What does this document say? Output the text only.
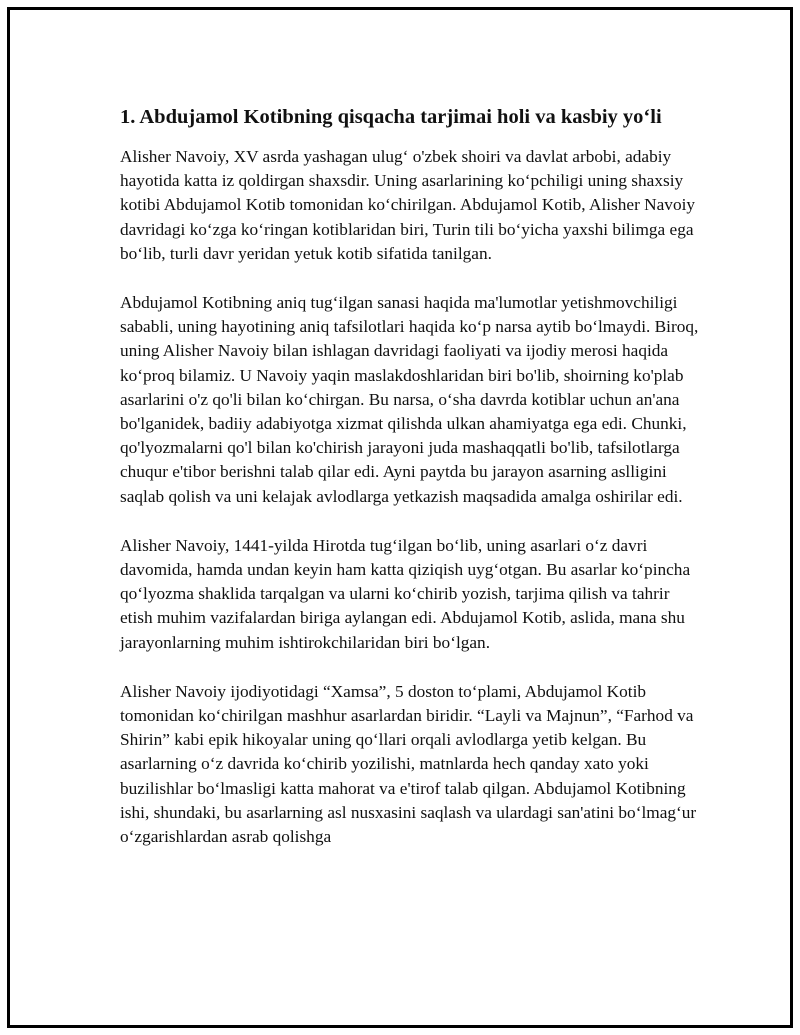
1. Abdujamol Kotibning qisqacha tarjimai holi va kasbiy yo‘li

Alisher Navoiy, XV asrda yashagan ulug‘ o'zbek shoiri va davlat arbobi, adabiy hayotida katta iz qoldirgan shaxsdir. Uning asarlarining ko‘pchiligi uning shaxsiy kotibi Abdujamol Kotib tomonidan ko‘chirilgan. Abdujamol Kotib, Alisher Navoiy davridagi ko‘zga ko‘ringan kotiblaridan biri, Turin tili bo‘yicha yaxshi bilimga ega bo‘lib, turli davr yeridan yetuk kotib sifatida tanilgan.

Abdujamol Kotibning aniq tug‘ilgan sanasi haqida ma'lumotlar yetishmovchiligi sababli, uning hayotining aniq tafsilotlari haqida ko‘p narsa aytib bo‘lmaydi. Biroq, uning Alisher Navoiy bilan ishlagan davridagi faoliyati va ijodiy merosi haqida ko‘proq bilamiz. U Navoiy yaqin maslakdoshlaridan biri bo'lib, shoirning ko'plab asarlarini o'z qo'li bilan ko‘chirgan. Bu narsa, o‘sha davrda kotiblar uchun an'ana bo'lganidek, badiiy adabiyotga xizmat qilishda ulkan ahamiyatga ega edi. Chunki, qo'lyozmalarni qo'l bilan ko'chirish jarayoni juda mashaqqatli bo'lib, tafsilotlarga chuqur e'tibor berishni talab qilar edi. Ayni paytda bu jarayon asarning aslligini saqlab qolish va uni kelajak avlodlarga yetkazish maqsadida amalga oshirilar edi.

Alisher Navoiy, 1441-yilda Hirotda tug‘ilgan bo‘lib, uning asarlari o‘z davri davomida, hamda undan keyin ham katta qiziqish uyg‘otgan. Bu asarlar ko‘pincha qo‘lyozma shaklida tarqalgan va ularni ko‘chirib yozish, tarjima qilish va tahrir etish muhim vazifalardan biriga aylangan edi. Abdujamol Kotib, aslida, mana shu jarayonlarning muhim ishtirokchilaridan biri bo‘lgan.

Alisher Navoiy ijodiyotidagi “Xamsa”, 5 doston to‘plami, Abdujamol Kotib tomonidan ko‘chirilgan mashhur asarlardan biridir. “Layli va Majnun”, “Farhod va Shirin” kabi epik hikoyalar uning qo‘llari orqali avlodlarga yetib kelgan. Bu asarlarning o‘z davrida ko‘chirib yozilishi, matnlarda hech qanday xato yoki buzilishlar bo‘lmasligi katta mahorat va e'tirof talab qilgan. Abdujamol Kotibning ishi, shundaki, bu asarlarning asl nusxasini saqlash va ulardagi san'atini bo‘lmag‘ur o‘zgarishlardan asrab qolishga
